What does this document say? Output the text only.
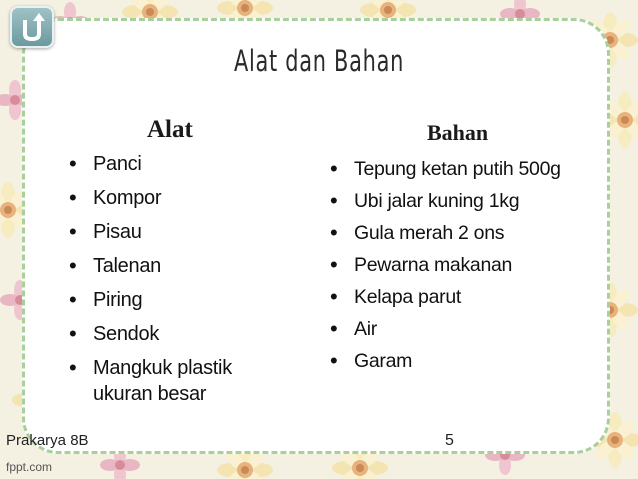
Alat dan Bahan
Alat	Bahan
• Panci
• Kompor
• Pisau
• Talenan
• Piring
• Sendok
• Mangkuk plastik ukuran besar
• Tepung ketan putih 500g
• Ubi jalar kuning 1kg
• Gula merah 2 ons
• Pewarna makanan
• Kelapa parut
• Air
• Garam
Prakarya 8B	5
fppt.com
